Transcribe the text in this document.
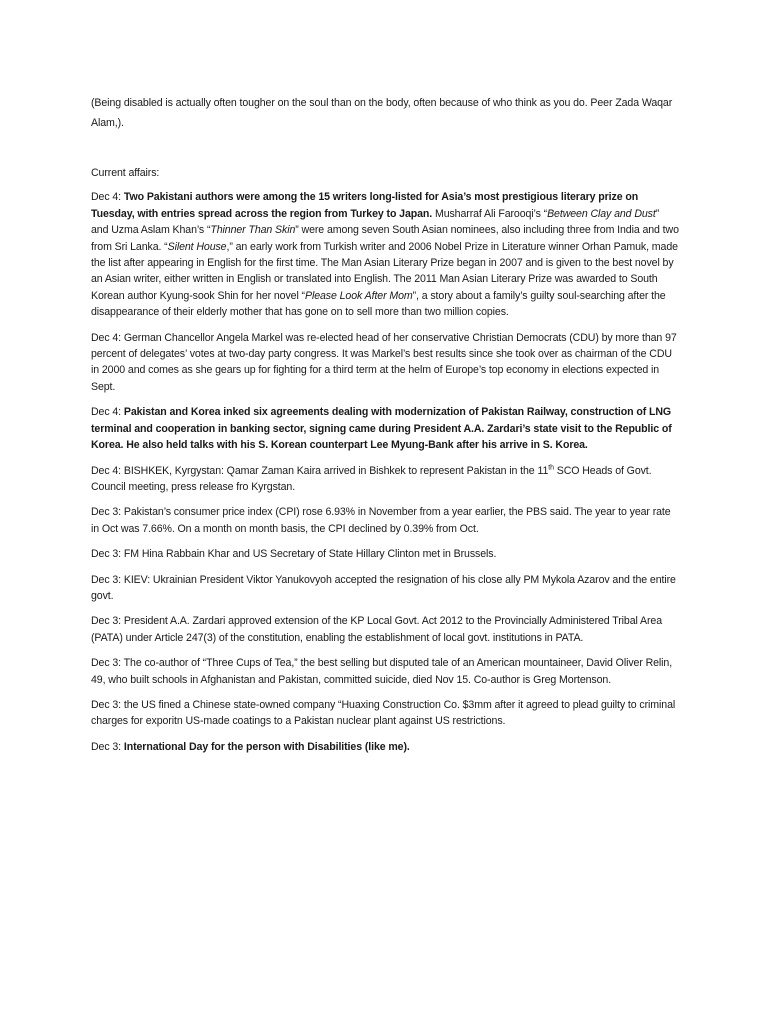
(Being disabled is actually often tougher on the soul than on the body, often because of who think as you do. Peer Zada Waqar Alam,).

Current affairs:

Dec 4: Two Pakistani authors were among the 15 writers long-listed for Asia’s most prestigious literary prize on Tuesday, with entries spread across the region from Turkey to Japan. Musharraf Ali Farooqi’s “Between Clay and Dust” and Uzma Aslam Khan’s “Thinner Than Skin” were among seven South Asian nominees, also including three from India and two from Sri Lanka. “Silent House,” an early work from Turkish writer and 2006 Nobel Prize in Literature winner Orhan Pamuk, made the list after appearing in English for the first time. The Man Asian Literary Prize began in 2007 and is given to the best novel by an Asian writer, either written in English or translated into English. The 2011 Man Asian Literary Prize was awarded to South Korean author Kyung-sook Shin for her novel “Please Look After Mom”, a story about a family’s guilty soul-searching after the disappearance of their elderly mother that has gone on to sell more than two million copies.

Dec 4: German Chancellor Angela Markel was re-elected head of her conservative Christian Democrats (CDU) by more than 97 percent of delegates’ votes at two-day party congress. It was Markel’s best results since she took over as chairman of the CDU in 2000 and comes as she gears up for fighting for a third term at the helm of Europe’s top economy in elections expected in Sept.

Dec 4: Pakistan and Korea inked six agreements dealing with modernization of Pakistan Railway, construction of LNG terminal and cooperation in banking sector, signing came during President A.A. Zardari’s state visit to the Republic of Korea. He also held talks with his S. Korean counterpart Lee Myung-Bank after his arrive in S. Korea.

Dec 4: BISHKEK, Kyrgystan: Qamar Zaman Kaira arrived in Bishkek to represent Pakistan in the 11th SCO Heads of Govt. Council meeting, press release fro Kyrgstan.

Dec 3: Pakistan’s consumer price index (CPI) rose 6.93% in November from a year earlier, the PBS said. The year to year rate in Oct was 7.66%. On a month on month basis, the CPI declined by 0.39% from Oct.

Dec 3: FM Hina Rabbain Khar and US Secretary of State Hillary Clinton met in Brussels.

Dec 3: KIEV: Ukrainian President Viktor Yanukovyoh accepted the resignation of his close ally PM Mykola Azarov and the entire govt.

Dec 3: President A.A. Zardari approved extension of the KP Local Govt. Act 2012 to the Provincially Administered Tribal Area (PATA) under Article 247(3) of the constitution, enabling the establishment of local govt. institutions in PATA.

Dec 3: The co-author of “Three Cups of Tea,” the best selling but disputed tale of an American mountaineer, David Oliver Relin, 49, who built schools in Afghanistan and Pakistan, committed suicide, died Nov 15. Co-author is Greg Mortenson.

Dec 3: the US fined a Chinese state-owned company “Huaxing Construction Co. $3mm after it agreed to plead guilty to criminal charges for exporitn US-made coatings to a Pakistan nuclear plant against US restrictions.

Dec 3: International Day for the person with Disabilities (like me).
